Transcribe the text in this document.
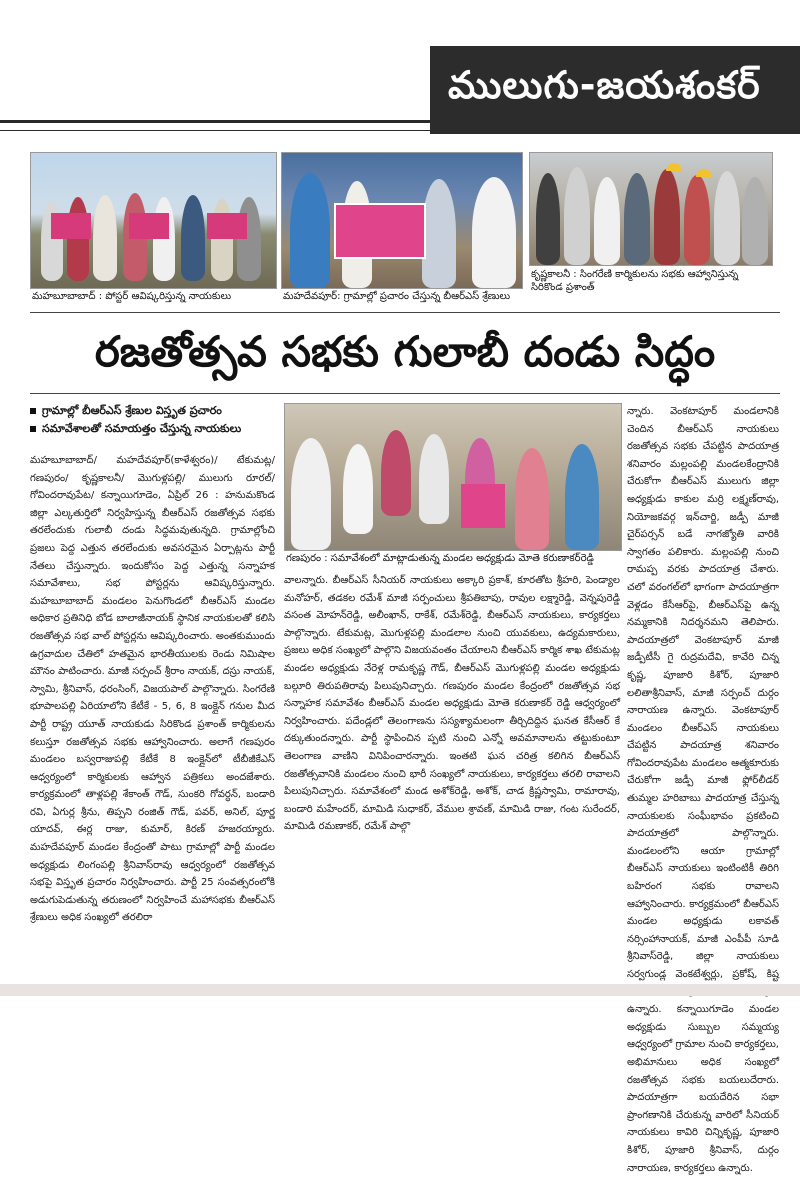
ములుగు-జయశంకర్
మహబూబాబాద్ : పోస్టర్ ఆవిష్కరిస్తున్న నాయకులు	మహదేవపూర్: గ్రామాల్లో ప్రచారం చేస్తున్న బీఆర్ఎస్ శ్రేణులు
కృష్ణకాలనీ : సింగరేణి కార్మికులను సభకు ఆహ్వానిస్తున్న సిరికొండ ప్రశాంత్
రజతోత్సవ సభకు గులాబీ దండు సిద్ధం
గ్రామాల్లో బీఆర్ఎస్ శ్రేణుల విస్తృత ప్రచారం
సమావేశాలతో సమాయత్తం చేస్తున్న నాయకులు
మహబూబాబాద్/ మహదేవపూర్(కాళేశ్వరం)/ టేకుమట్ల/ గణపురం/ కృష్ణకాలనీ/ మొగుళ్లపల్లి/ ములుగు రూరల్/ గోవిందరావుపేట/ కన్నాయిగూడెం, ఏప్రిల్ 26 : హనుమకొండ జిల్లా ఎల్కతుర్తిలో నిర్వహిస్తున్న బీఆర్ఎస్ రజతోత్సవ సభకు తరలేందుకు గులాబీ దండు సిద్ధమవుతున్నది. గ్రామాల్లోంచి ప్రజలు పెద్ద ఎత్తున తరలేందుకు అవసరమైన ఏర్పాట్లను పార్టీ నేతలు చేస్తున్నారు. ఇందుకోసం పెద్ద ఎత్తున్న సన్నాహక సమావేశాలు, సభ పోస్టర్లను ఆవిష్కరిస్తున్నారు. మహబూబాబాద్ మండలం పెనుగొండలో బీఆర్ఎస్ మండల అధికార ప్రతినిధి బోడ బాలాజీనాయక్ స్థానిక నాయకులతో కలిసి రజతోత్సవ సభ వాల్ పోస్టర్లను ఆవిష్కరించారు. అంతకుముందు ఉగ్రవాదుల చేతిలో హతమైన భారతీయులకు రెండు నిమిషాల మౌనం పాటించారు. మాజీ సర్పంచ్ శ్రీరాం నాయక్, దస్రు నాయక్, స్వామి, శ్రీనివాస్, ధరంసింగ్, విజయపాల్ పాల్గొన్నారు. సింగరేణి భూపాలపల్లి ఏరియాలోని కేటీకే - 5, 6, 8 ఇంక్లైన్ గనుల మీద పార్టీ రాష్ట్ర యూత్ నాయకుడు సిరికొండ ప్రశాంత్ కార్మికులను కలుస్తూ రజతోత్సవ సభకు ఆహ్వానించారు. అలాగే గణపురం మండలం బస్వరాజుపల్లి కేటీకే 8 ఇంక్లైన్‌లో టీబీజీకేఎస్ ఆధ్వర్యంలో కార్మికులకు ఆహ్వాన పత్రికలు అందజేశారు. కార్యక్రమంలో తాళ్లపల్లి శేకాంత్ గౌడ్, సుంకరి గోవర్ధన్, బండారి రవి, ఏగుర్ల శ్రీను, తిప్పని రంజిత్ గౌడ్, పవర్, అనిల్, పూర్ణ యాదవ్, ఈర్ల రాజు, కుమార్, కిరణ్ హజరయ్యారు. మహదేవపూర్ మండల కేంద్రంతో పాటు గ్రామాల్లో పార్టీ మండల అధ్యక్షుడు లింగంపల్లి శ్రీనివాస్‌రావు ఆధ్వర్యంలో రజతోత్సవ సభపై విస్తృత ప్రచారం నిర్వహించారు. పార్టీ 25 సంవత్సరంలోకి అడుగుపెడుతున్న తరుణంలో నిర్వహించే మహాసభకు బీఆర్ఎస్ శ్రేణులు అధిక సంఖ్యలో తరలిరా
గణపురం : సమావేశంలో మాట్లాడుతున్న మండల అధ్యక్షుడు మోతె కరుణాకర్‌రెడ్డి
వాలన్నారు. బీఆర్ఎస్ సీనియర్ నాయకులు అక్కారి ప్రకాశ్, కూరతోట శ్రీహరి, పెండ్యాల మనోహర్, తడకల రమేశ్ మాజీ సర్పంచులు శ్రీపతిబాపు, రావుల లక్ష్మారెడ్డి, వెన్నపురెడ్డి వసంత మోహన్‌రెడ్డి, అలీంఖాన్, రాకేశ్, రమేశ్‌రెడ్డి, బీఆర్ఎస్ నాయకులు, కార్యకర్తలు పాల్గొన్నారు. టేకుమట్ల, మొగుళ్లపల్లి మండలాల నుంచి యువకులు, ఉద్యమకారులు, ప్రజలు అధిక సంఖ్యలో పాల్గొని విజయవంతం చేయాలని బీఆర్ఎస్ కార్మిక శాఖ టేకుమట్ల మండల అధ్యక్షుడు నేరెళ్ల రామకృష్ణ గౌడ్, బీఆర్ఎస్ మొగుళ్లపల్లి మండల అధ్యక్షుడు బల్గూరి తిరుపతిరావు పిలుపునిచ్చారు. గణపురం మండల కేంద్రంలో రజతోత్సవ సభ సన్నాహక సమావేశం బీఆర్ఎస్ మండల అధ్యక్షుడు మోతె కరుణాకర్ రెడ్డి ఆధ్వర్యంలో నిర్వహించారు. పదేండ్లలో తెలంగాణను సస్యశ్యామలంగా తీర్చిదిద్దిన ఘనత కేసీఆర్ కే దక్కుతుందన్నారు. పార్టీ స్థాపించిన ప్పటి నుంచి ఎన్నో అవమానాలను తట్టుకుంటూ తెలంగాణ వాణిని వినిపించారన్నారు. ఇంతటి ఘన చరిత్ర కలిగిన బీఆర్ఎస్ రజతోత్సవానికి మండలం నుంచి భారీ సంఖ్యలో నాయకులు, కార్యకర్తలు తరలి రావాలని పిలుపునిచ్చారు. సమావేశంలో మండ అశోక్‌రెడ్డి, అశోక్, చాడ క్రిష్ణస్వామి, రామారావు, బండారి మహేందర్, మామిడి సుధాకర్, వేముల శ్రావణ్, మామిడి రాజు, గంట సురేందర్, మామిడి రమణాకర్, రమేశ్ పాల్గొ
న్నారు. వెంకటాపూర్ మండలానికి చెందిన బీఆర్ఎస్ నాయకులు రజతోత్సవ సభకు చేపట్టిన పాదయాత్ర శనివారం మల్లంపల్లి మండలకేంద్రానికి చేరుకోగా బీఆర్ఎస్ ములుగు జిల్లా అధ్యక్షుడు కాకుల మర్రి లక్ష్మణ్‌రావు, నియోజకవర్గ ఇన్‌చార్జి, జడ్పీ మాజీ చైర్‌పర్సన్ బడే నాగజ్యోతి వారికి స్వాగతం పలికారు. మల్లంపల్లి నుంచి రామప్ప వరకు పాదయాత్ర చేశారు. చలో వరంగల్‌లో భాగంగా పాదయాత్రగా వెళ్లడం కేసీఆర్‌పై, బీఆర్ఎస్‌పై ఉన్న నమ్మకానికి నిదర్శనమని తెలిపారు. పాదయాత్రలో వెంకటాపూర్ మాజీ జడ్పీటీసీ గై రుద్రమదేవి, కావేరి చిన్న కృష్ణ, పూజారి కిశోర్, పూజారి లలితాశ్రీనివాస్, మాజీ సర్పంచ్ దుర్గం నారాయణ ఉన్నారు. వెంకటాపూర్ మండలం బీఆర్ఎస్ నాయకులు చేపట్టిన పాదయాత్ర శనివారం గోవిందరావుపేట మండలం ఆత్మకూరుకు చేరుకోగా జడ్పీ మాజీ ఫ్లోర్‌లీడర్ తుమ్మల హరిబాబు పాదయాత్ర చేస్తున్న నాయకులకు సంఘీభావం ప్రకటించి పాదయాత్రలో పాల్గొన్నారు. మండలంలోని ఆయా గ్రామాల్లో బీఆర్ఎస్ నాయకులు ఇంటింటికీ తిరిగి బహిరంగ సభకు రావాలని ఆహ్వానించారు. కార్యక్రమంలో బీఆర్ఎస్ మండల అధ్యక్షుడు లకావత్ నర్సింహానాయక్, మాజీ ఎంపీపీ సూడి శ్రీనివాస్‌రెడ్డి, జిల్లా నాయకులు సర్వగుండ్ల వెంకటేశ్వర్లు, ప్రకోష్, కిష్ట ఉన్నారు. కన్నాయిగూడెం మండల అధ్యక్షుడు సుబ్బుల సమ్మయ్య ఆధ్వర్యంలో గ్రామాల నుంచి కార్యకర్తలు, అభిమానులు అధిక సంఖ్యలో రజతోత్సవ సభకు బయలుదేరారు. పాదయాత్రగా బయదేరిన సభా ప్రాంగణానికి చేరుకున్న వారిలో సీనియర్ నాయకులు కావిరి చిన్నికృష్ణ, పూజారి కిశోర్, పూజారి శ్రీనివాస్, దుర్గం నారాయణ, కార్యకర్తలు ఉన్నారు.
